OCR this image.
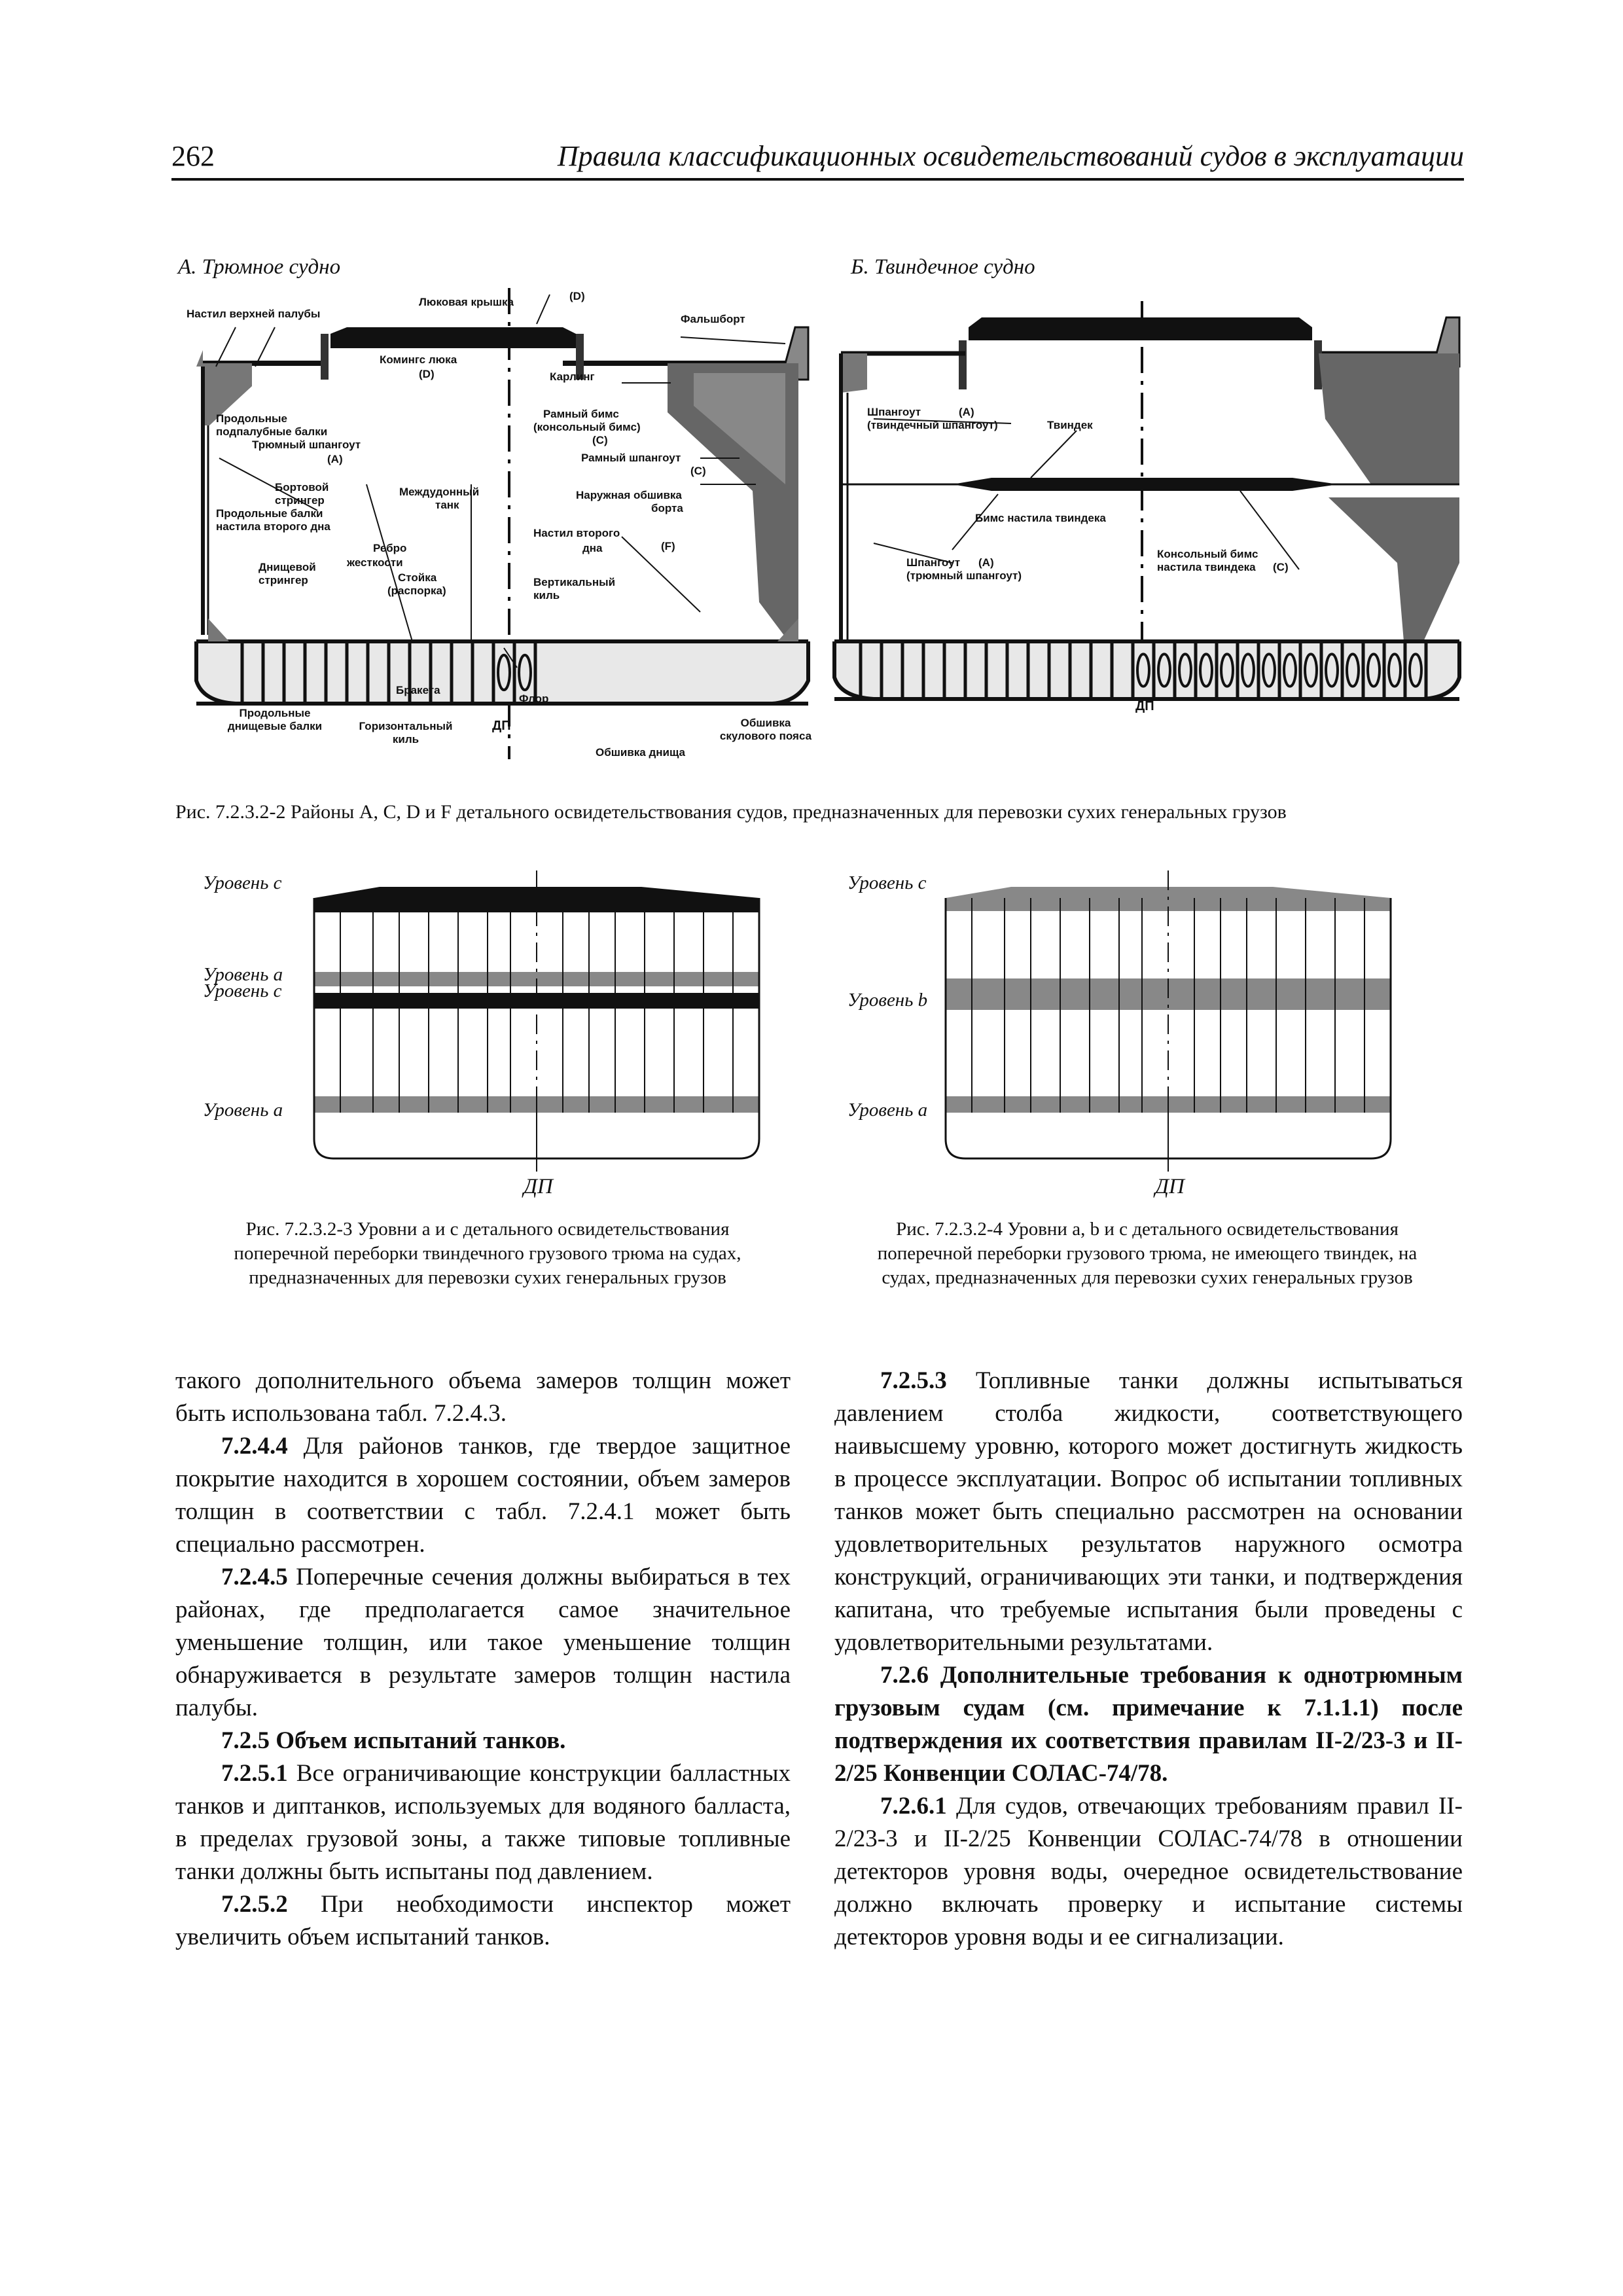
262	Правила классификационных освидетельствований судов в эксплуатации
А. Трюмное судно	Б. Твиндечное судно
Настил верхней палубы
Люковая крышка	(D)
Фальшборт
Комингс люка
(D)	Карлинг
Продольные
подпалубные балки
Трюмный шпангоут
(A)
Рамный бимс
(консольный бимс)
(C)
Рамный шпангоут
(C)
Бортовой
стрингер	Наружная обшивка
борта
Продольные балки
настила второго дна
Междудонный
танк
Настил второго
дна	(F)
Ребро
жесткости
Днищевой
стрингер	Стойка
(распорка)
Вертикальный
киль
Бракета
Флор
Продольные
днищевые балки	Горизонтальный
киль
ДП
Обшивка днища
Обшивка
скулового пояса
Шпангоут	(A)
(твиндечный шпангоут)	Твиндек
Бимс настила твиндека
Шпангоут (A)
(трюмный шпангоут)
Консольный бимс
настила твиндека (C)
ДП
Рис. 7.2.3.2-2 Районы A, C, D и F детального освидетельствования судов, предназначенных для перевозки сухих генеральных грузов
Уровень c
Уровень a
Уровень c
Уровень a
ДП
Рис. 7.2.3.2-3 Уровни a и c детального освидетельствования
поперечной переборки твиндечного грузового трюма на судах,
предназначенных для перевозки сухих генеральных грузов
Уровень c
Уровень b
Уровень a
ДП
Рис. 7.2.3.2-4 Уровни a, b и c детального освидетельствования
поперечной переборки грузового трюма, не имеющего твиндек, на
судах, предназначенных для перевозки сухих генеральных грузов

такого дополнительного объема замеров толщин может быть использована табл. 7.2.4.3.

7.2.4.4 Для районов танков, где твердое защитное покрытие находится в хорошем состоянии, объем замеров толщин в соответствии с табл. 7.2.4.1 может быть специально рассмотрен.

7.2.4.5 Поперечные сечения должны выбираться в тех районах, где предполагается самое значительное уменьшение толщин, или такое уменьшение толщин обнаруживается в результате замеров толщин настила палубы.

7.2.5 Объем испытаний танков.

7.2.5.1 Все ограничивающие конструкции балластных танков и диптанков, используемых для водяного балласта, в пределах грузовой зоны, а также типовые топливные танки должны быть испытаны под давлением.

7.2.5.2 При необходимости инспектор может увеличить объем испытаний танков.

7.2.5.3 Топливные танки должны испытываться давлением столба жидкости, соответствующего наивысшему уровню, которого может достигнуть жидкость в процессе эксплуатации. Вопрос об испытании топливных танков может быть специально рассмотрен на основании удовлетворительных результатов наружного осмотра конструкций, ограничивающих эти танки, и подтверждения капитана, что требуемые испытания были проведены с удовлетворительными результатами.

7.2.6 Дополнительные требования к однотрюмным грузовым судам (см. примечание к 7.1.1.1) после подтверждения их соответствия правилам II-2/23-3 и II-2/25 Конвенции СОЛАС-74/78.

7.2.6.1 Для судов, отвечающих требованиям правил II-2/23-3 и II-2/25 Конвенции СОЛАС-74/78 в отношении детекторов уровня воды, очередное освидетельствование должно включать проверку и испытание системы детекторов уровня воды и ее сигнализации.
